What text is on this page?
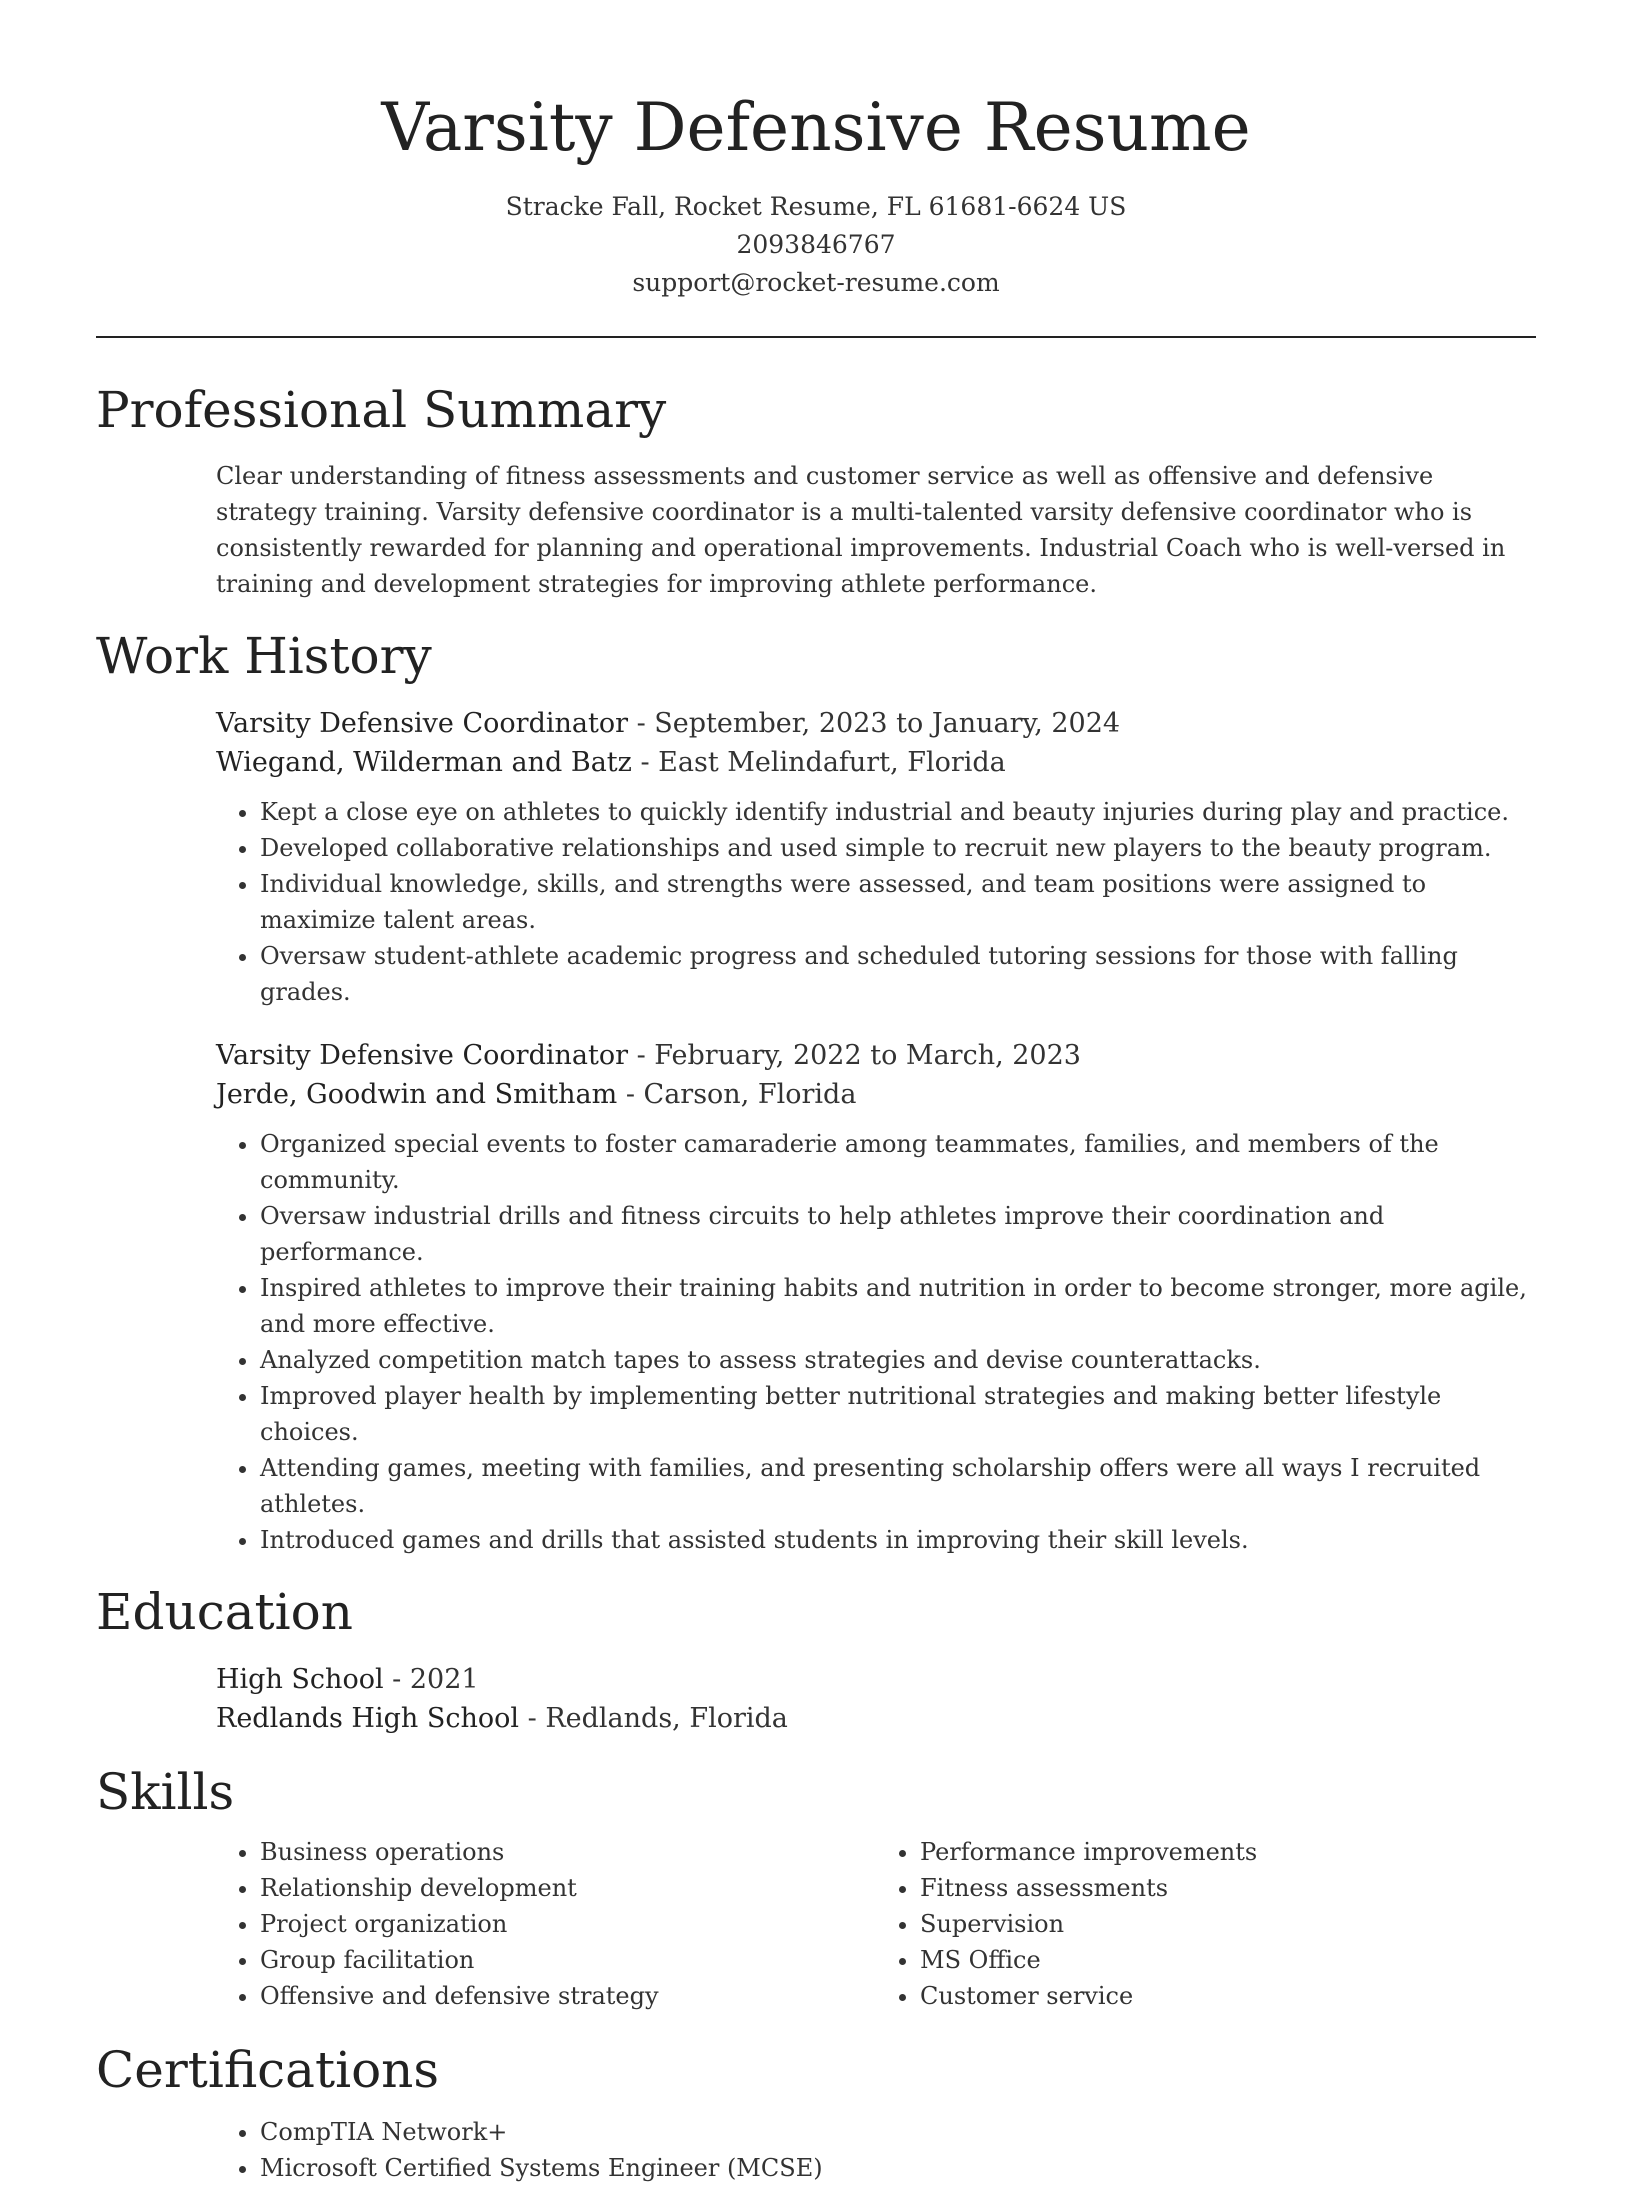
Varsity Defensive Resume
Stracke Fall, Rocket Resume, FL 61681-6624 US
2093846767
support@rocket-resume.com
Professional Summary

Clear understanding of fitness assessments and customer service as well as offensive and defensive strategy training. Varsity defensive coordinator is a multi-talented varsity defensive coordinator who is consistently rewarded for planning and operational improvements. Industrial Coach who is well-versed in training and development strategies for improving athlete performance.

Work History
Varsity Defensive Coordinator - September, 2023 to January, 2024
Wiegand, Wilderman and Batz - East Melindafurt, Florida
• Kept a close eye on athletes to quickly identify industrial and beauty injuries during play and practice.
• Developed collaborative relationships and used simple to recruit new players to the beauty program.
• Individual knowledge, skills, and strengths were assessed, and team positions were assigned to maximize talent areas.
• Oversaw student-athlete academic progress and scheduled tutoring sessions for those with falling grades.
Varsity Defensive Coordinator - February, 2022 to March, 2023
Jerde, Goodwin and Smitham - Carson, Florida
• Organized special events to foster camaraderie among teammates, families, and members of the community.
• Oversaw industrial drills and fitness circuits to help athletes improve their coordination and performance.
• Inspired athletes to improve their training habits and nutrition in order to become stronger, more agile, and more effective.
• Analyzed competition match tapes to assess strategies and devise counterattacks.
• Improved player health by implementing better nutritional strategies and making better lifestyle choices.
• Attending games, meeting with families, and presenting scholarship offers were all ways I recruited athletes.
• Introduced games and drills that assisted students in improving their skill levels.
Education
High School - 2021
Redlands High School - Redlands, Florida
Skills
• Business operations
• Relationship development
• Project organization
• Group facilitation
• Offensive and defensive strategy
• Performance improvements
• Fitness assessments
• Supervision
• MS Office
• Customer service
Certifications
• CompTIA Network+
• Microsoft Certified Systems Engineer (MCSE)
